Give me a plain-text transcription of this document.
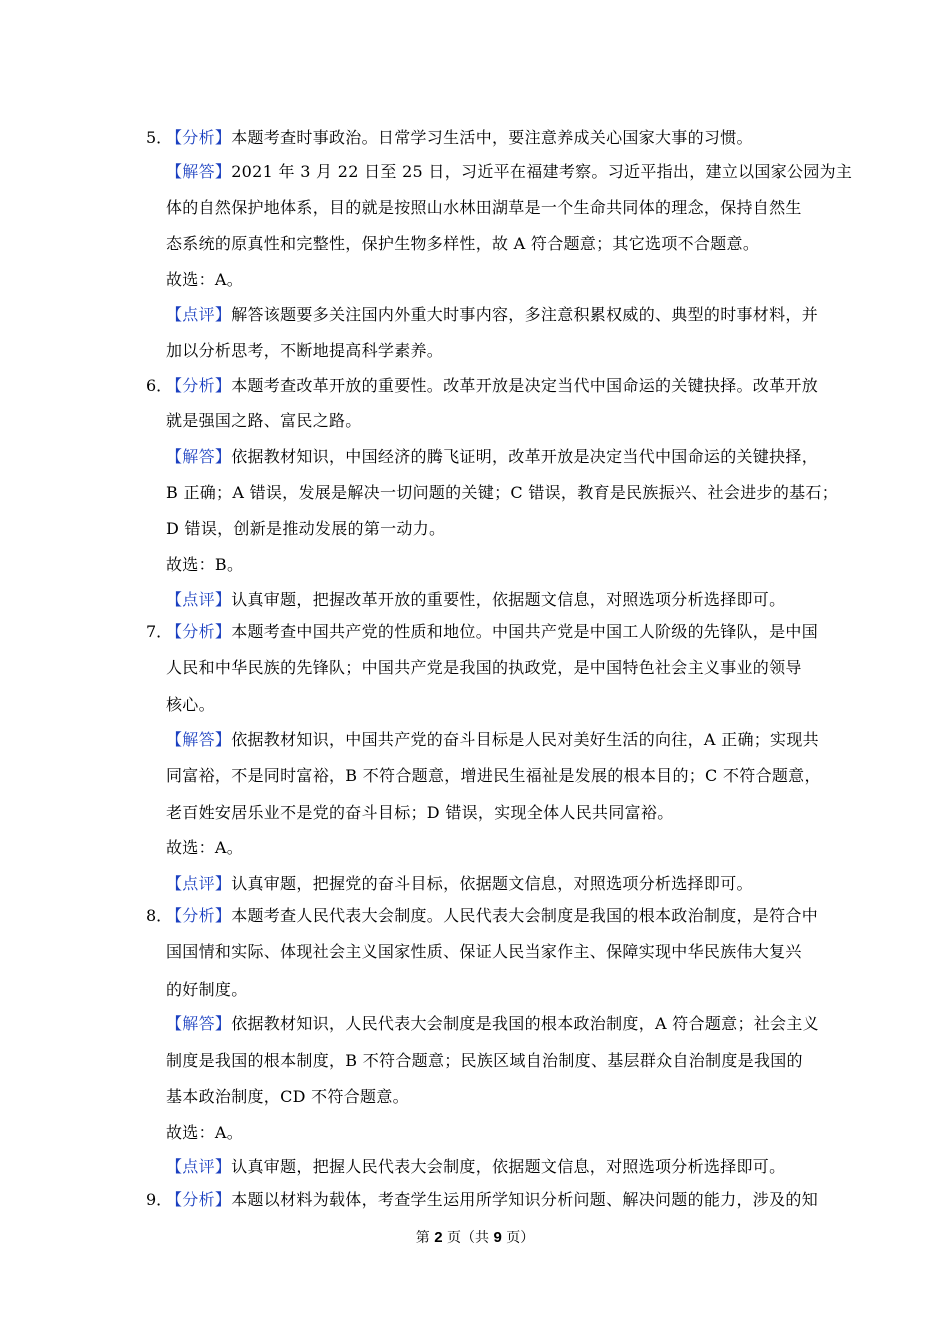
5．
【分析】本题考查时事政治。日常学习生活中，要注意养成关心国家大事的习惯。
【解答】2021 年 3 月 22 日至 25 日，习近平在福建考察。习近平指出，建立以国家公园为主
体的自然保护地体系，目的就是按照山水林田湖草是一个生命共同体的理念，保持自然生
态系统的原真性和完整性，保护生物多样性，故 A 符合题意；其它选项不合题意。
故选：A。
【点评】解答该题要多关注国内外重大时事内容，多注意积累权威的、典型的时事材料，并
加以分析思考，不断地提高科学素养。
6．
【分析】本题考查改革开放的重要性。改革开放是决定当代中国命运的关键抉择。改革开放
就是强国之路、富民之路。
【解答】依据教材知识，中国经济的腾飞证明，改革开放是决定当代中国命运的关键抉择，
B 正确；A 错误，发展是解决一切问题的关键；C 错误，教育是民族振兴、社会进步的基石；
D 错误，创新是推动发展的第一动力。
故选：B。
【点评】认真审题，把握改革开放的重要性，依据题文信息，对照选项分析选择即可。
7．
【分析】本题考查中国共产党的性质和地位。中国共产党是中国工人阶级的先锋队，是中国
人民和中华民族的先锋队；中国共产党是我国的执政党，是中国特色社会主义事业的领导
核心。
【解答】依据教材知识，中国共产党的奋斗目标是人民对美好生活的向往，A 正确；实现共
同富裕，不是同时富裕，B 不符合题意，增进民生福祉是发展的根本目的；C 不符合题意，
老百姓安居乐业不是党的奋斗目标；D 错误，实现全体人民共同富裕。
故选：A。
【点评】认真审题，把握党的奋斗目标，依据题文信息，对照选项分析选择即可。
8．
【分析】本题考查人民代表大会制度。人民代表大会制度是我国的根本政治制度，是符合中
国国情和实际、体现社会主义国家性质、保证人民当家作主、保障实现中华民族伟大复兴
的好制度。
【解答】依据教材知识，人民代表大会制度是我国的根本政治制度，A 符合题意；社会主义
制度是我国的根本制度，B 不符合题意；民族区域自治制度、基层群众自治制度是我国的
基本政治制度，CD 不符合题意。
故选：A。
【点评】认真审题，把握人民代表大会制度，依据题文信息，对照选项分析选择即可。
9．
【分析】本题以材料为载体，考查学生运用所学知识分析问题、解决问题的能力，涉及的知
第 2 页（共 9 页）
